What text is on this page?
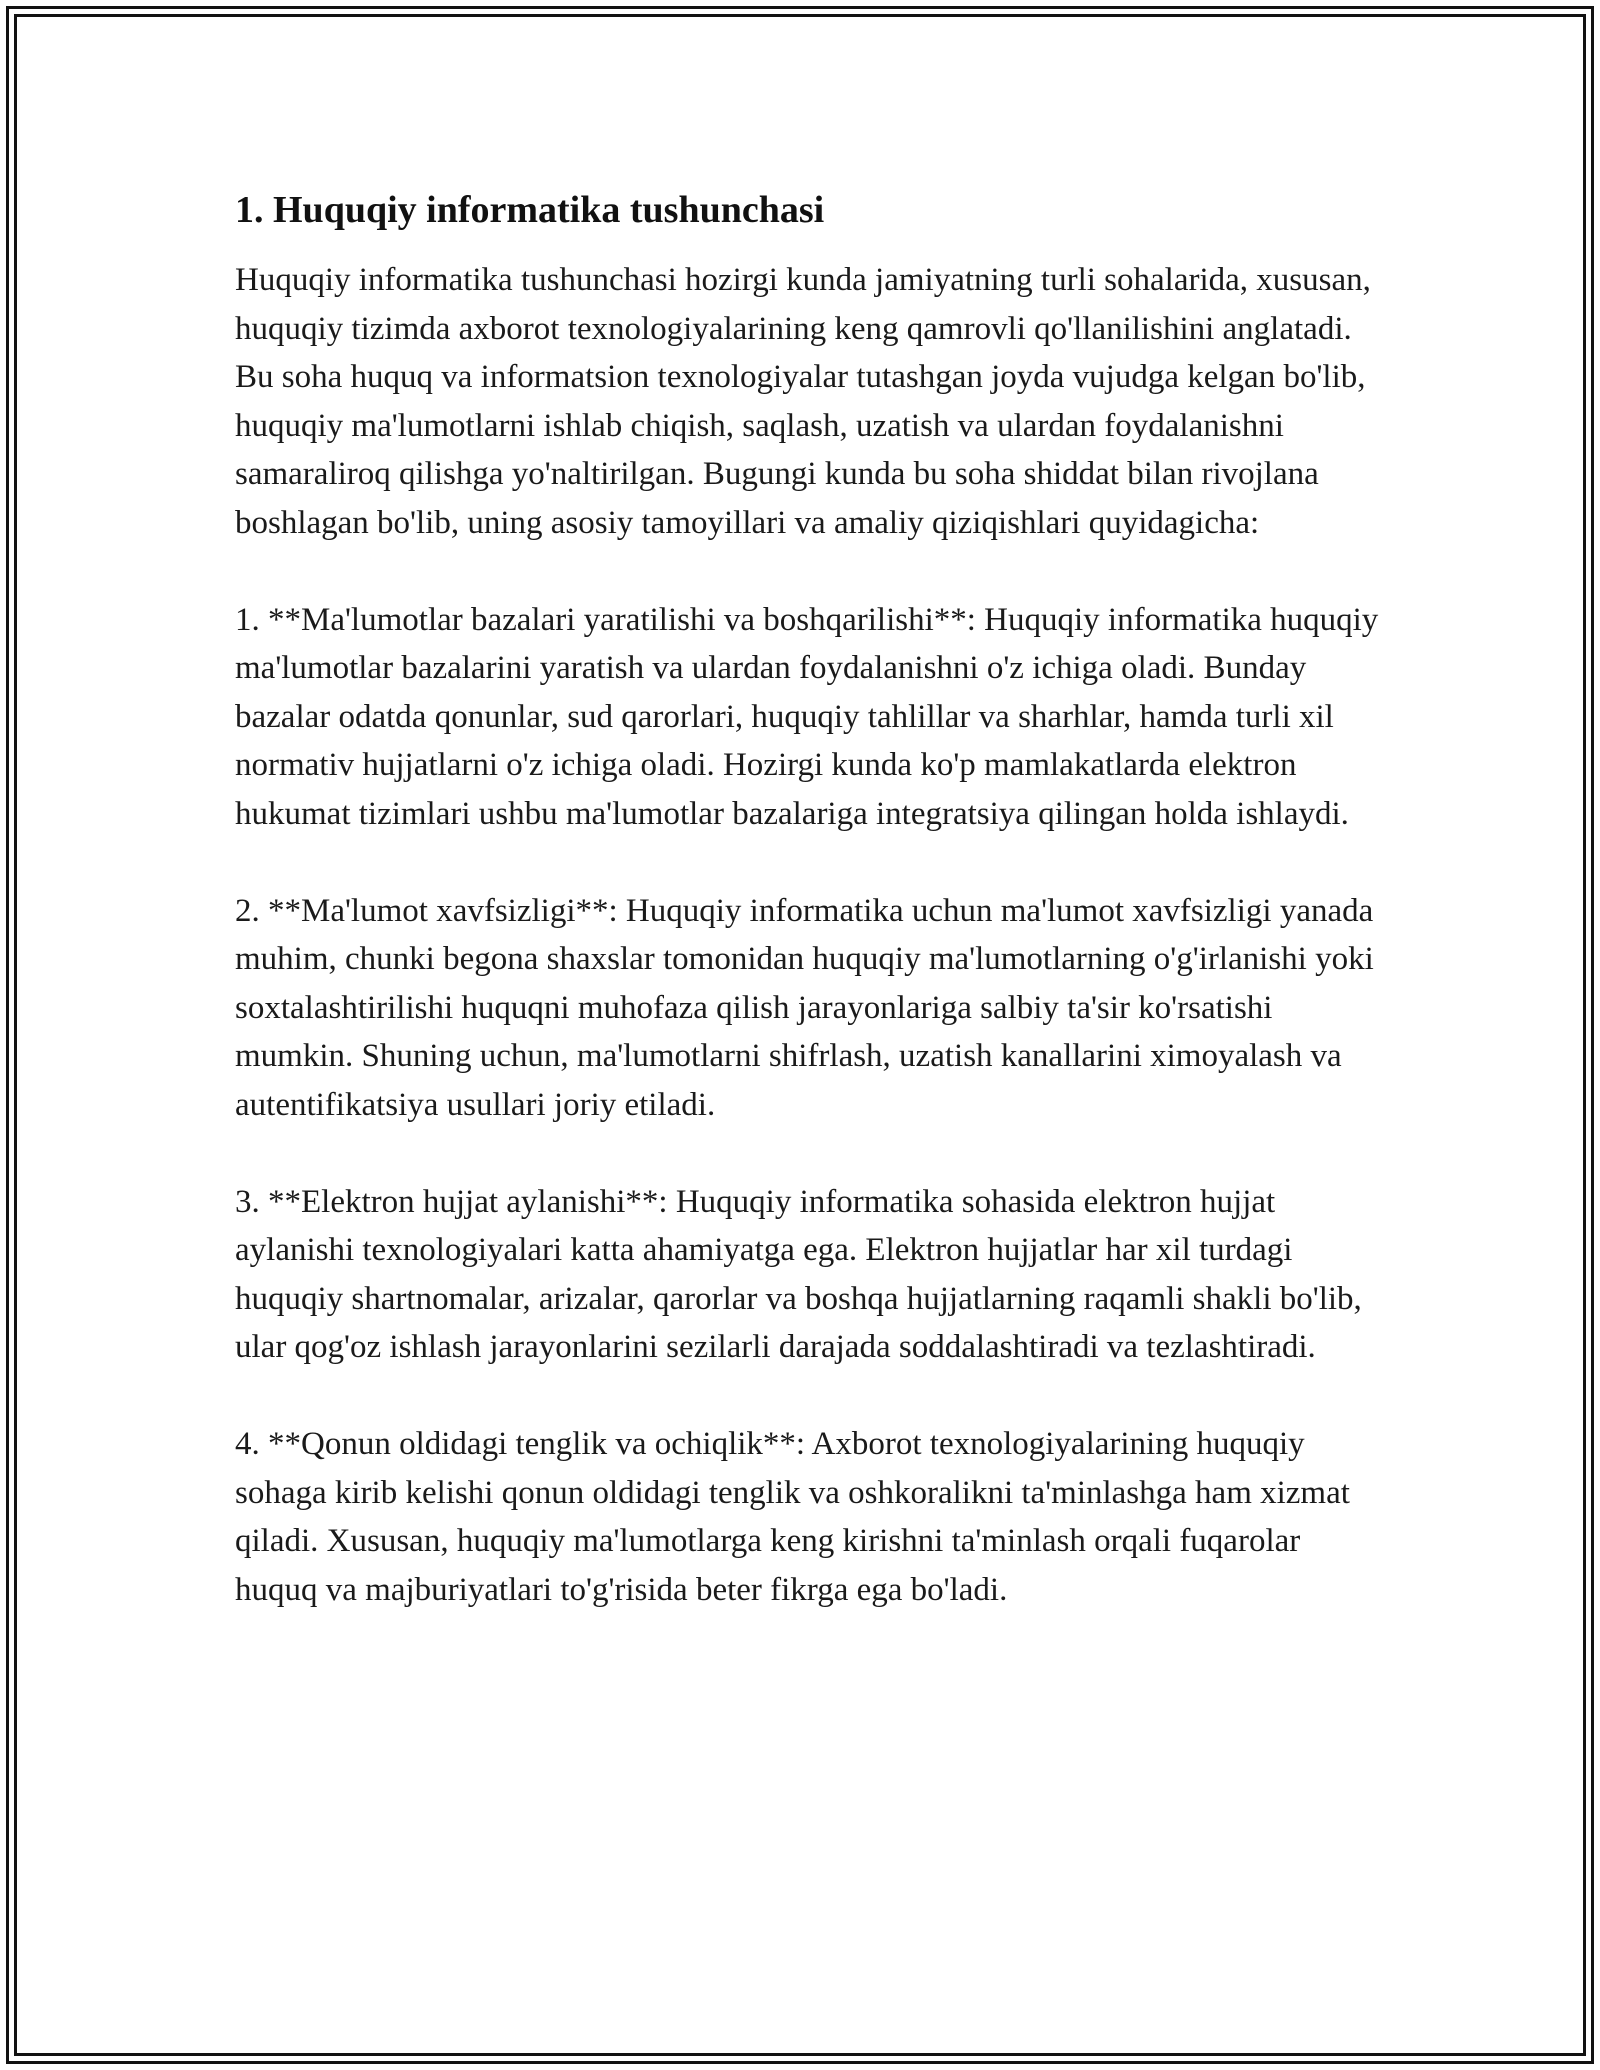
1. Huquqiy informatika tushunchasi

Huquqiy informatika tushunchasi hozirgi kunda jamiyatning turli sohalarida, xususan, huquqiy tizimda axborot texnologiyalarining keng qamrovli qo'llanilishini anglatadi. Bu soha huquq va informatsion texnologiyalar tutashgan joyda vujudga kelgan bo'lib, huquqiy ma'lumotlarni ishlab chiqish, saqlash, uzatish va ulardan foydalanishni samaraliroq qilishga yo'naltirilgan. Bugungi kunda bu soha shiddat bilan rivojlana boshlagan bo'lib, uning asosiy tamoyillari va amaliy qiziqishlari quyidagicha:

1. **Ma'lumotlar bazalari yaratilishi va boshqarilishi**: Huquqiy informatika huquqiy ma'lumotlar bazalarini yaratish va ulardan foydalanishni o'z ichiga oladi. Bunday bazalar odatda qonunlar, sud qarorlari, huquqiy tahlillar va sharhlar, hamda turli xil normativ hujjatlarni o'z ichiga oladi. Hozirgi kunda ko'p mamlakatlarda elektron hukumat tizimlari ushbu ma'lumotlar bazalariga integratsiya qilingan holda ishlaydi.

2. **Ma'lumot xavfsizligi**: Huquqiy informatika uchun ma'lumot xavfsizligi yanada muhim, chunki begona shaxslar tomonidan huquqiy ma'lumotlarning o'g'irlanishi yoki soxtalashtirilishi huquqni muhofaza qilish jarayonlariga salbiy ta'sir ko'rsatishi mumkin. Shuning uchun, ma'lumotlarni shifrlash, uzatish kanallarini ximoyalash va autentifikatsiya usullari joriy etiladi.

3. **Elektron hujjat aylanishi**: Huquqiy informatika sohasida elektron hujjat aylanishi texnologiyalari katta ahamiyatga ega. Elektron hujjatlar har xil turdagi huquqiy shartnomalar, arizalar, qarorlar va boshqa hujjatlarning raqamli shakli bo'lib, ular qog'oz ishlash jarayonlarini sezilarli darajada soddalashtiradi va tezlashtiradi.

4. **Qonun oldidagi tenglik va ochiqlik**: Axborot texnologiyalarining huquqiy sohaga kirib kelishi qonun oldidagi tenglik va oshkoralikni ta'minlashga ham xizmat qiladi. Xususan, huquqiy ma'lumotlarga keng kirishni ta'minlash orqali fuqarolar huquq va majburiyatlari to'g'risida beter fikrga ega bo'ladi.
